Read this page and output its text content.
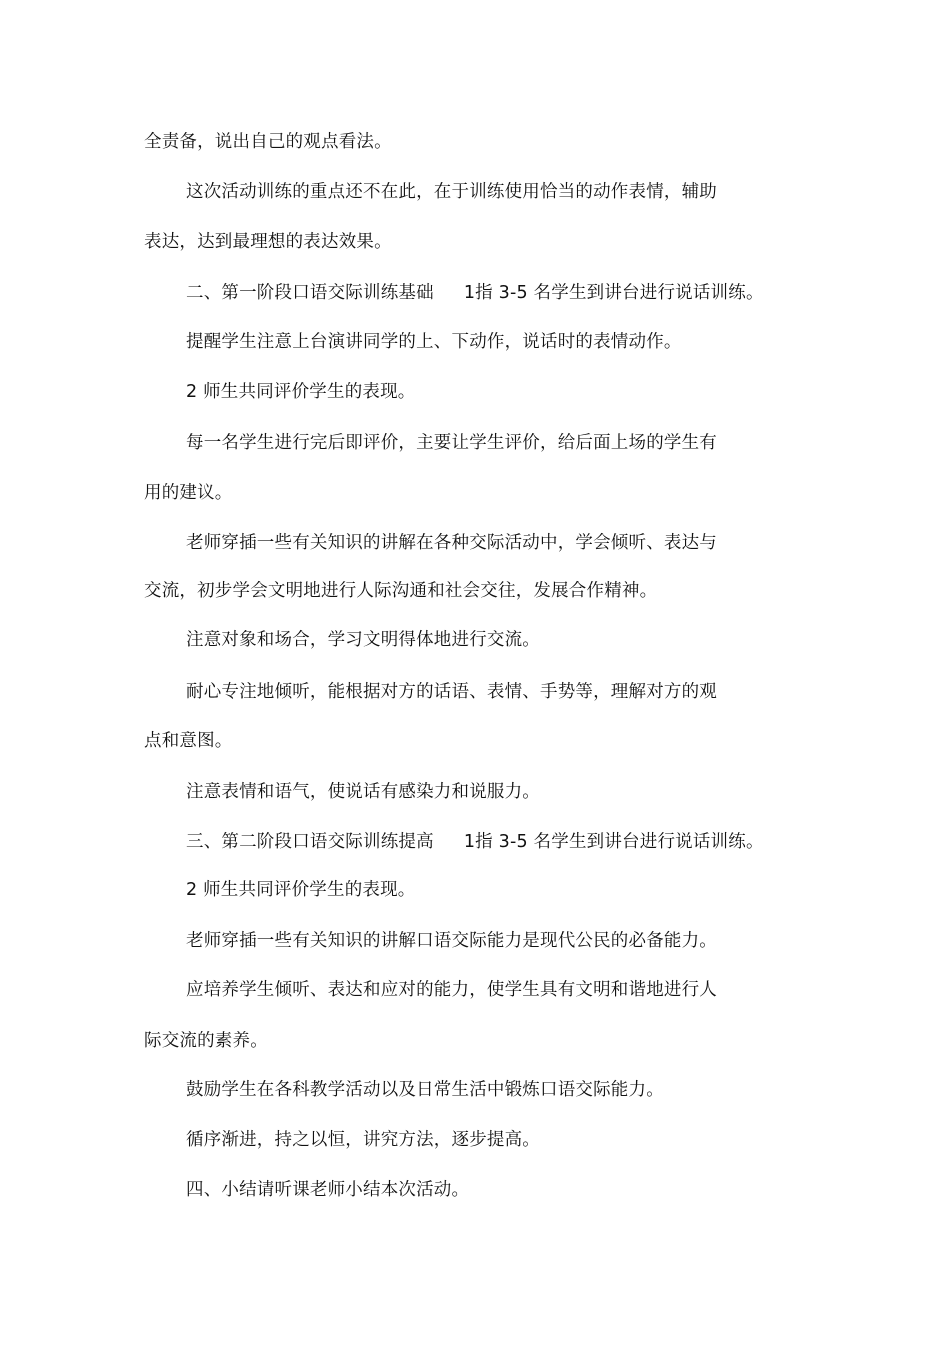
全责备，说出自己的观点看法。
这次活动训练的重点还不在此，在于训练使用恰当的动作表情，辅助
表达，达到最理想的表达效果。
二、第一阶段口语交际训练基础 1指 3-5 名学生到讲台进行说话训练。
提醒学生注意上台演讲同学的上、下动作，说话时的表情动作。
2 师生共同评价学生的表现。
每一名学生进行完后即评价，主要让学生评价，给后面上场的学生有
用的建议。
老师穿插一些有关知识的讲解在各种交际活动中，学会倾听、表达与
交流，初步学会文明地进行人际沟通和社会交往，发展合作精神。
注意对象和场合，学习文明得体地进行交流。
耐心专注地倾听，能根据对方的话语、表情、手势等，理解对方的观
点和意图。
注意表情和语气，使说话有感染力和说服力。
三、第二阶段口语交际训练提高 1指 3-5 名学生到讲台进行说话训练。
2 师生共同评价学生的表现。
老师穿插一些有关知识的讲解口语交际能力是现代公民的必备能力。
应培养学生倾听、表达和应对的能力，使学生具有文明和谐地进行人
际交流的素养。
鼓励学生在各科教学活动以及日常生活中锻炼口语交际能力。
循序渐进，持之以恒，讲究方法，逐步提高。
四、小结请听课老师小结本次活动。
